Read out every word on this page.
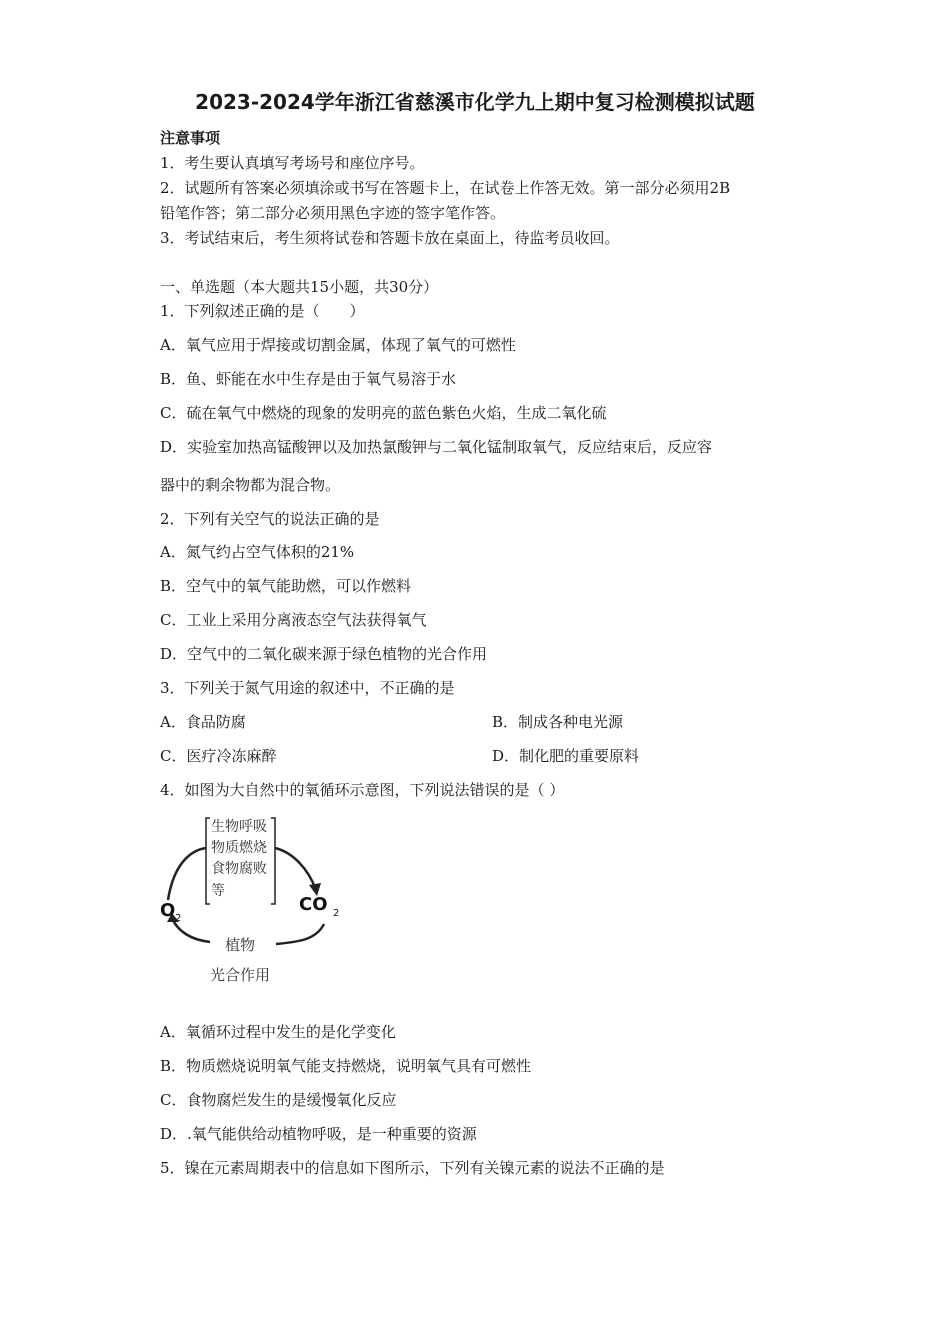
2023-2024学年浙江省慈溪市化学九上期中复习检测模拟试题
注意事项
1．考生要认真填写考场号和座位序号。
2．试题所有答案必须填涂或书写在答题卡上，在试卷上作答无效。第一部分必须用2B
铅笔作答；第二部分必须用黑色字迹的签字笔作答。
3．考试结束后，考生须将试卷和答题卡放在桌面上，待监考员收回。
一、单选题（本大题共15小题，共30分）
1．下列叙述正确的是（　　）
A．氧气应用于焊接或切割金属，体现了氧气的可燃性
B．鱼、虾能在水中生存是由于氧气易溶于水
C．硫在氧气中燃烧的现象的发明亮的蓝色紫色火焰，生成二氧化硫
D．实验室加热高锰酸钾以及加热氯酸钾与二氧化锰制取氧气，反应结束后，反应容
器中的剩余物都为混合物。
2．下列有关空气的说法正确的是
A．氮气约占空气体积的21%
B．空气中的氧气能助燃，可以作燃料
C．工业上采用分离液态空气法获得氧气
D．空气中的二氧化碳来源于绿色植物的光合作用
3．下列关于氮气用途的叙述中，不正确的是
A．食品防腐	B．制成各种电光源
C．医疗冷冻麻醉	D．制化肥的重要原料
4．如图为大自然中的氧循环示意图，下列说法错误的是（ ）
生物呼吸
物质燃烧
食物腐败
等
O 2
CO 2
植物
光合作用
A．氧循环过程中发生的是化学变化
B．物质燃烧说明氧气能支持燃烧，说明氧气具有可燃性
C．食物腐烂发生的是缓慢氧化反应
D．.氧气能供给动植物呼吸，是一种重要的资源
5．镍在元素周期表中的信息如下图所示，下列有关镍元素的说法不正确的是
